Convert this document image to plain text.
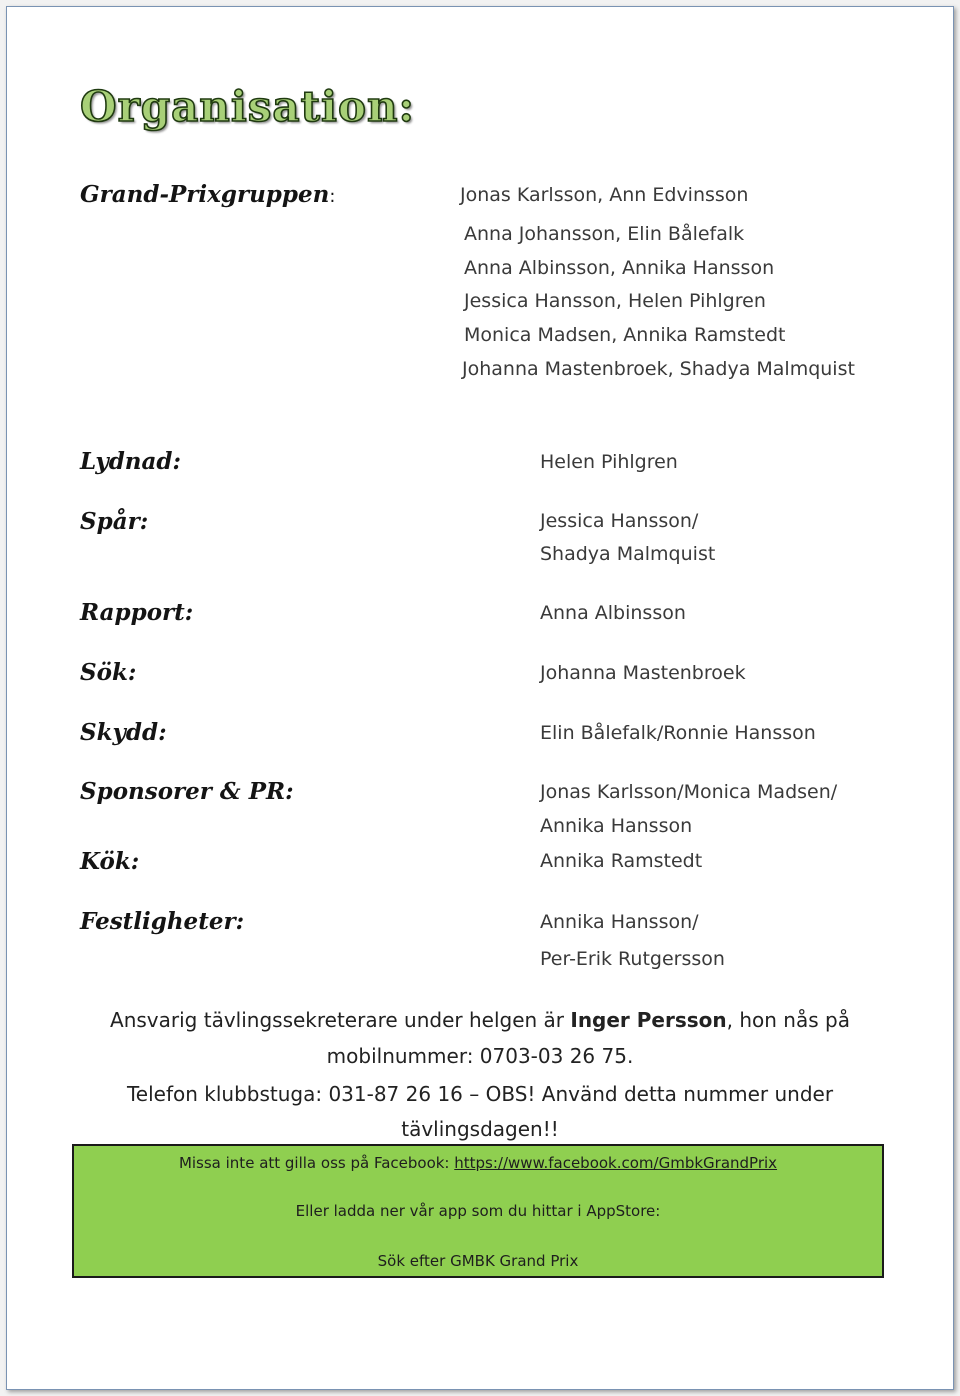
Organisation:

Grand-Prixgruppen:	Jonas Karlsson, Ann Edvinsson

Anna Johansson, Elin Bålefalk

Anna Albinsson, Annika Hansson

Jessica Hansson, Helen Pihlgren

Monica Madsen, Annika Ramstedt

Johanna Mastenbroek, Shadya Malmquist

Lydnad:

Spår:

Rapport:

Sök:

Skydd:

Sponsorer & PR:

Kök:

Festligheter:

Helen Pihlgren

Jessica Hansson/

Shadya Malmquist

Anna Albinsson

Johanna Mastenbroek

Elin Bålefalk/Ronnie Hansson

Jonas Karlsson/Monica Madsen/

Annika Hansson

Annika Ramstedt

Annika Hansson/

Per-Erik Rutgersson

Ansvarig tävlingssekreterare under helgen är Inger Persson, hon nås på

mobilnummer: 0703-03 26 75.

Telefon klubbstuga: 031-87 26 16 – OBS! Använd detta nummer under

tävlingsdagen!!

Missa inte att gilla oss på Facebook: https://www.facebook.com/GmbkGrandPrix

Eller ladda ner vår app som du hittar i AppStore:

Sök efter GMBK Grand Prix
